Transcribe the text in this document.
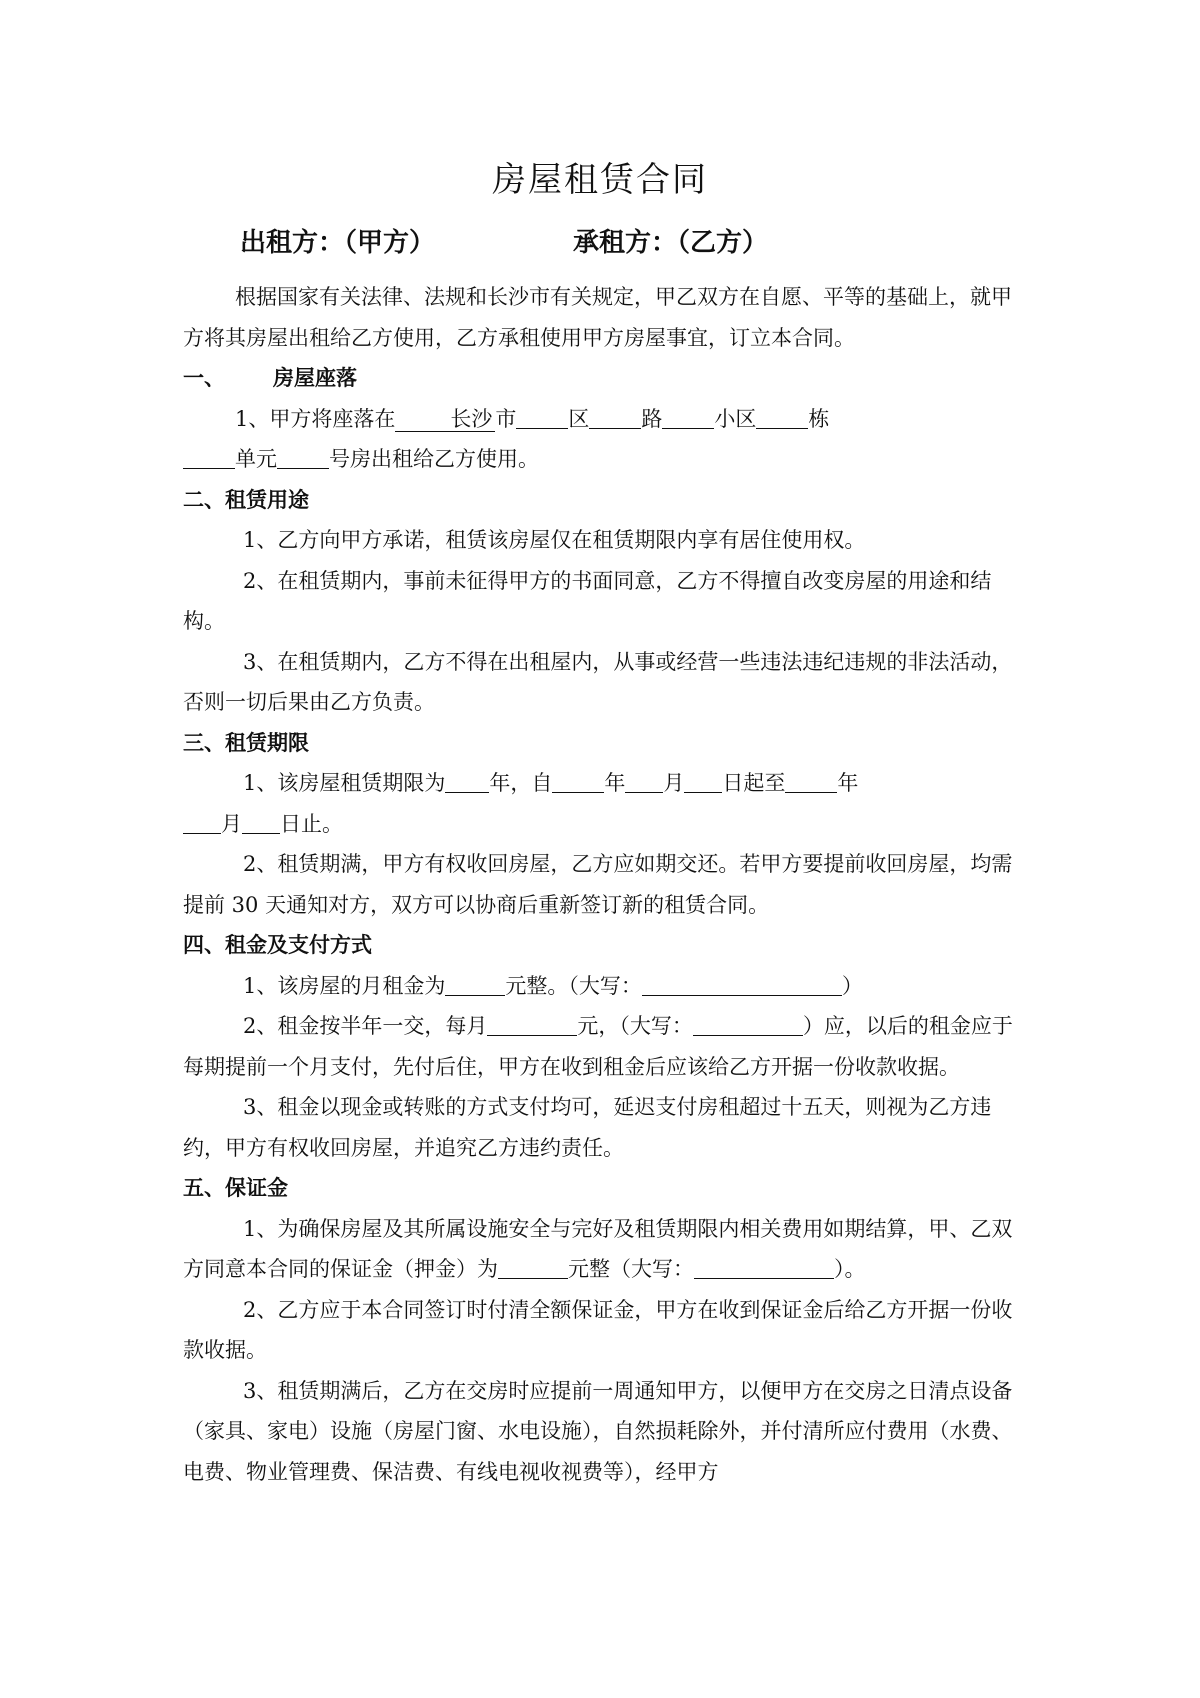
房屋租赁合同
出租方：（甲方）	承租方：（乙方）

根据国家有关法律、法规和长沙市有关规定，甲乙双方在自愿、平等的基础上，就甲方将其房屋出租给乙方使用，乙方承租使用甲方房屋事宜，订立本合同。

一、 房屋座落

1、甲方将座落在	长沙 市 区 路 小区 栋
单元 号房出租给乙方使用。

二、租赁用途

1、乙方向甲方承诺，租赁该房屋仅在租赁期限内享有居住使用权。

2、在租赁期内，事前未征得甲方的书面同意，乙方不得擅自改变房屋的用途和结构。

3、在租赁期内，乙方不得在出租屋内，从事或经营一些违法违纪违规的非法活动，否则一切后果由乙方负责。

三、租赁期限

1、该房屋租赁期限为 年，自 年 月 日起至 年
月 日止。

2、租赁期满，甲方有权收回房屋，乙方应如期交还。若甲方要提前收回房屋，均需提前 30 天通知对方，双方可以协商后重新签订新的租赁合同。

四、租金及支付方式

1、该房屋的月租金为	元整。（大写：	）

2、租金按半年一交，每月	元，（大写：	）应，以后的租金应于每期提前一个月支付，先付后住，甲方在收到租金后应该给乙方开据一份收款收据。

3、租金以现金或转账的方式支付均可，延迟支付房租超过十五天，则视为乙方违约，甲方有权收回房屋，并追究乙方违约责任。

五、保证金

1、为确保房屋及其所属设施安全与完好及租赁期限内相关费用如期结算，甲、乙双方同意本合同的保证金（押金）为	元整（大写：	）。

2、乙方应于本合同签订时付清全额保证金，甲方在收到保证金后给乙方开据一份收款收据。

3、租赁期满后，乙方在交房时应提前一周通知甲方，以便甲方在交房之日清点设备（家具、家电）设施（房屋门窗、水电设施），自然损耗除外，并付清所应付费用（水费、电费、物业管理费、保洁费、有线电视收视费等），经甲方
